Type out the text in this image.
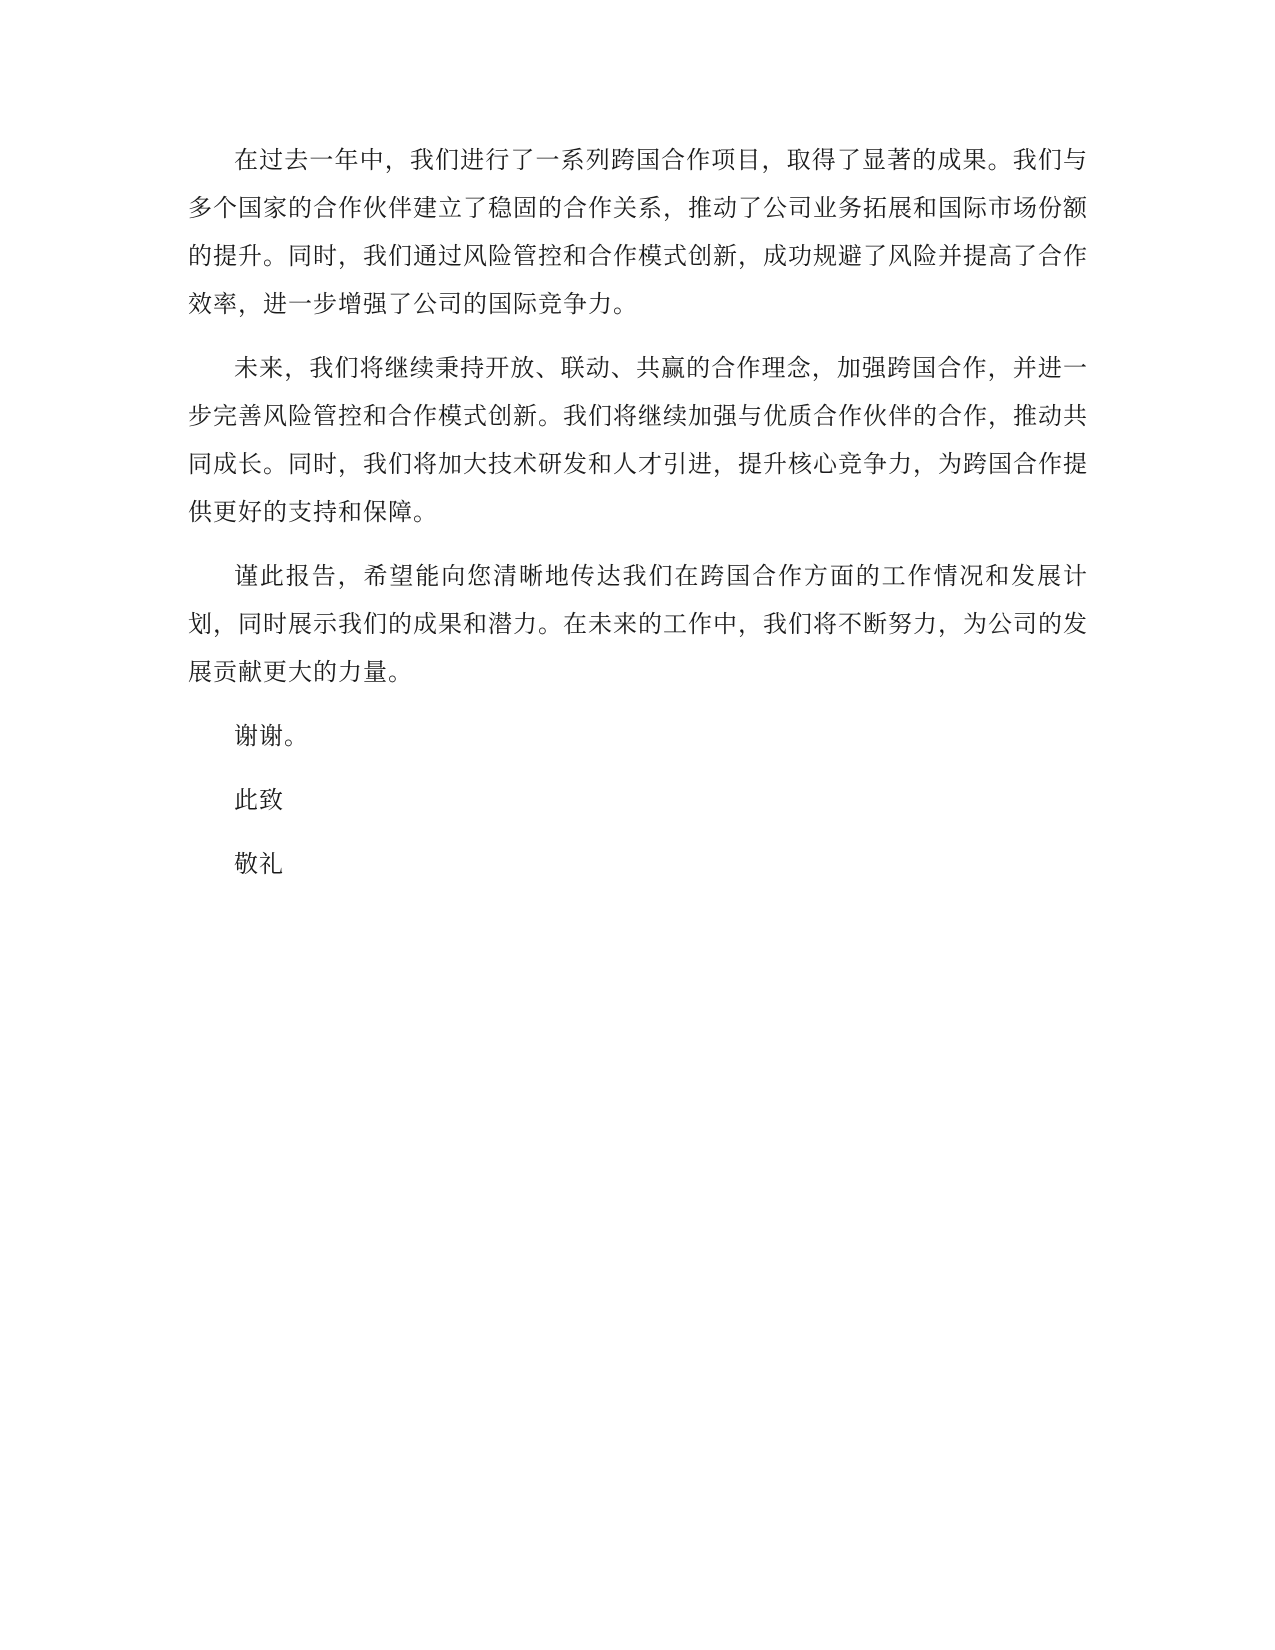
在过去一年中，我们进行了一系列跨国合作项目，取得了显著的成果。我们与多个国家的合作伙伴建立了稳固的合作关系，推动了公司业务拓展和国际市场份额的提升。同时，我们通过风险管控和合作模式创新，成功规避了风险并提高了合作效率，进一步增强了公司的国际竞争力。

未来，我们将继续秉持开放、联动、共赢的合作理念，加强跨国合作，并进一步完善风险管控和合作模式创新。我们将继续加强与优质合作伙伴的合作，推动共同成长。同时，我们将加大技术研发和人才引进，提升核心竞争力，为跨国合作提供更好的支持和保障。

谨此报告，希望能向您清晰地传达我们在跨国合作方面的工作情况和发展计划，同时展示我们的成果和潜力。在未来的工作中，我们将不断努力，为公司的发展贡献更大的力量。

谢谢。

此致

敬礼
